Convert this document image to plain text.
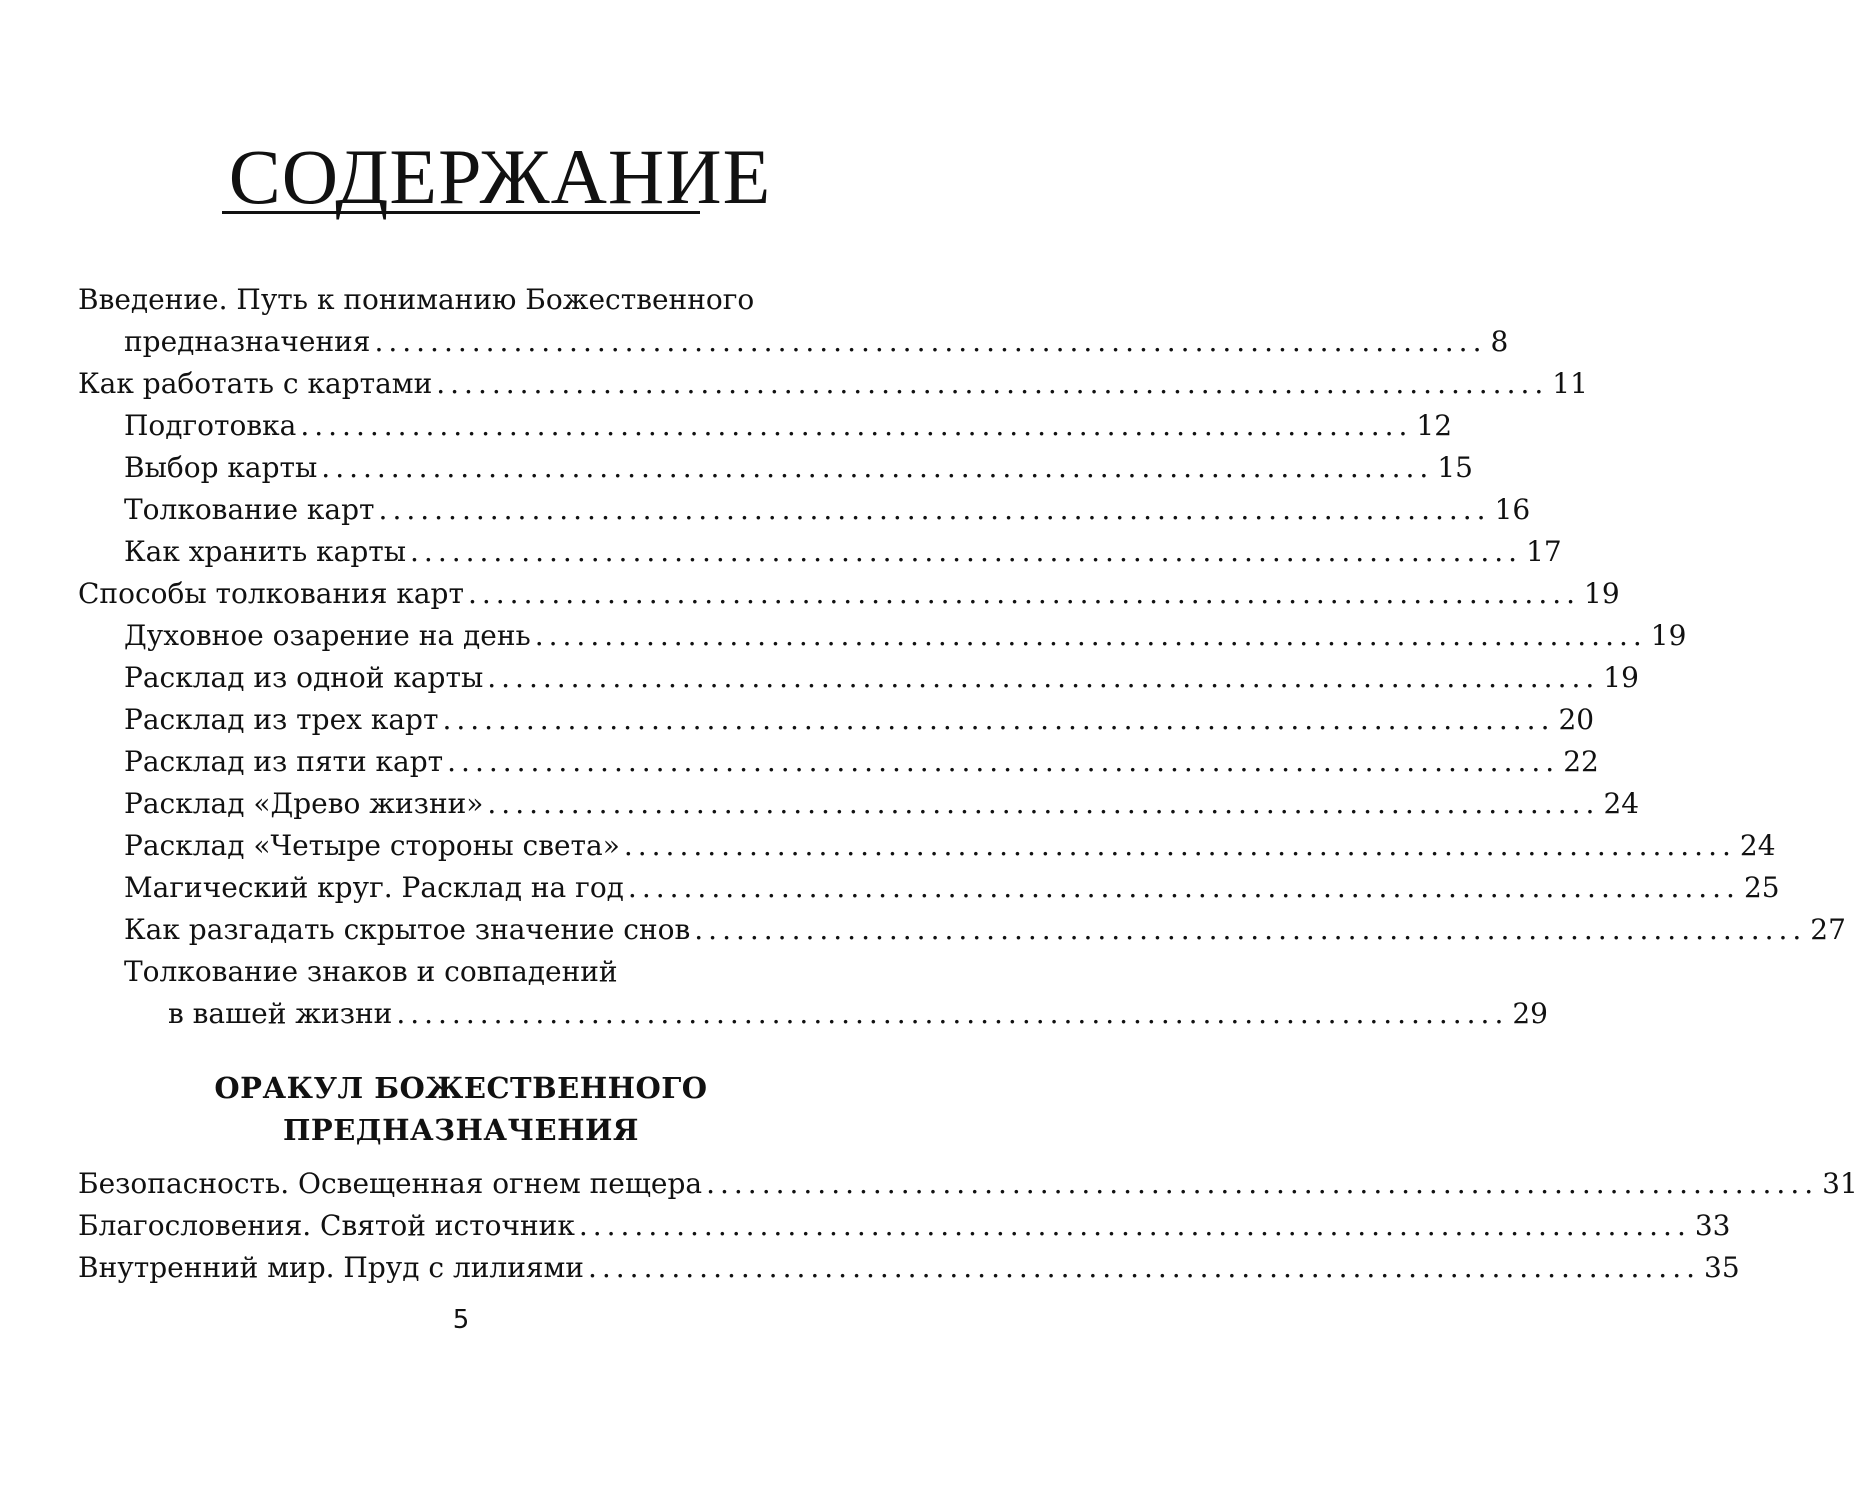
СОДЕРЖАНИЕ
Введение. Путь к пониманию Божественного
предназначения ................................................................................ 8
Как работать с картами ................................................................................ 11
Подготовка ................................................................................ 12
Выбор карты ................................................................................ 15
Толкование карт ................................................................................ 16
Как хранить карты ................................................................................ 17
Способы толкования карт ................................................................................ 19
Духовное озарение на день ................................................................................ 19
Расклад из одной карты ................................................................................ 19
Расклад из трех карт ................................................................................ 20
Расклад из пяти карт ................................................................................ 22
Расклад «Древо жизни» ................................................................................ 24
Расклад «Четыре стороны света» ................................................................................ 24
Магический круг. Расклад на год ................................................................................ 25
Как разгадать скрытое значение снов ................................................................................ 27
Толкование знаков и совпадений
в вашей жизни ................................................................................ 29
ОРАКУЛ БОЖЕСТВЕННОГО
ПРЕДНАЗНАЧЕНИЯ
Безопасность. Освещенная огнем пещера ................................................................................ 31
Благословения. Святой источник ................................................................................ 33
Внутренний мир. Пруд с лилиями ................................................................................ 35
5
